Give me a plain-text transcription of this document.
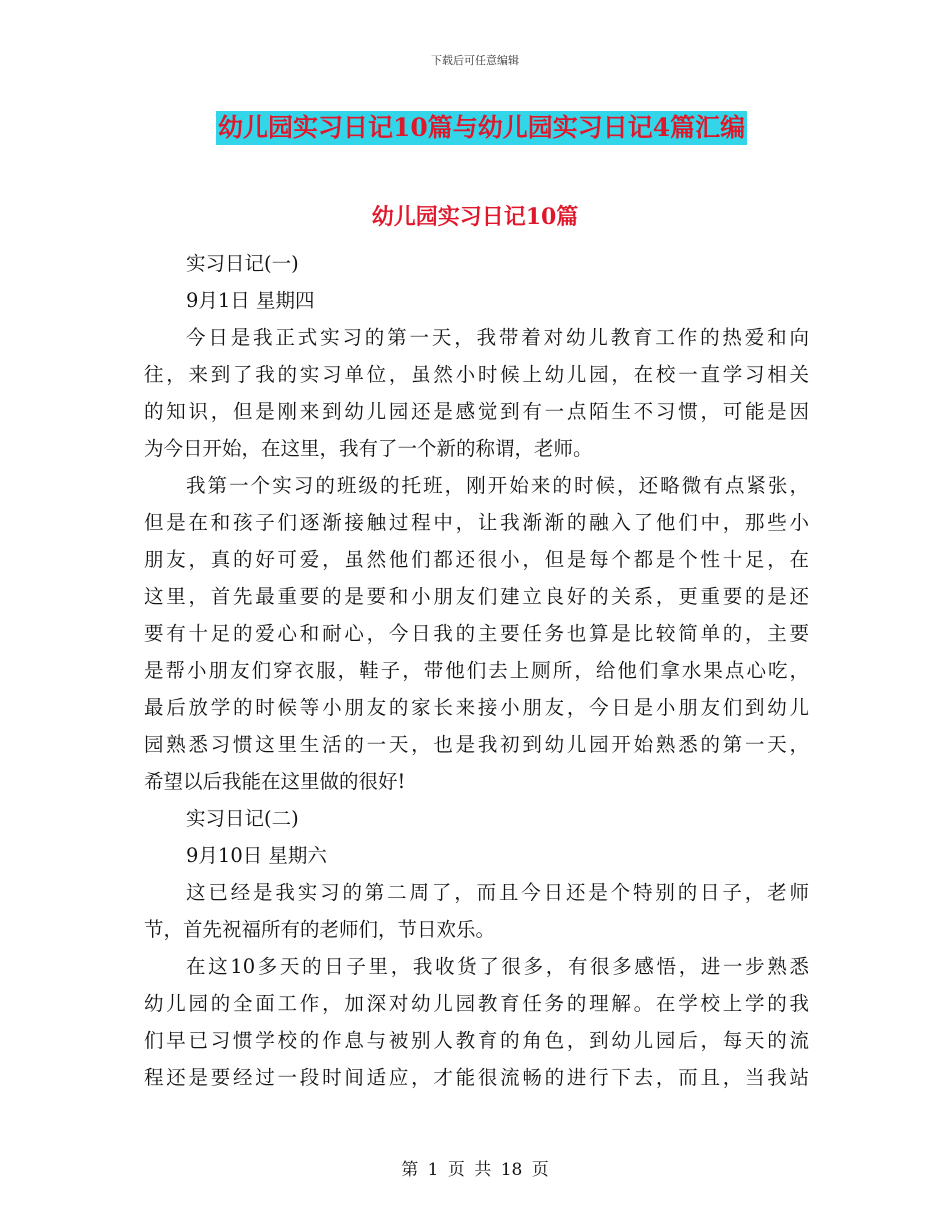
下载后可任意编辑
幼儿园实习日记10篇与幼儿园实习日记4篇汇编
幼儿园实习日记10篇
实习日记(一)
9月1日 星期四
今日是我正式实习的第一天，我带着对幼儿教育工作的热爱和向
往，来到了我的实习单位，虽然小时候上幼儿园，在校一直学习相关
的知识，但是刚来到幼儿园还是感觉到有一点陌生不习惯，可能是因
为今日开始，在这里，我有了一个新的称谓，老师。
我第一个实习的班级的托班，刚开始来的时候，还略微有点紧张，
但是在和孩子们逐渐接触过程中，让我渐渐的融入了他们中，那些小
朋友，真的好可爱，虽然他们都还很小，但是每个都是个性十足，在
这里，首先最重要的是要和小朋友们建立良好的关系，更重要的是还
要有十足的爱心和耐心，今日我的主要任务也算是比较简单的，主要
是帮小朋友们穿衣服，鞋子，带他们去上厕所，给他们拿水果点心吃，
最后放学的时候等小朋友的家长来接小朋友，今日是小朋友们到幼儿
园熟悉习惯这里生活的一天，也是我初到幼儿园开始熟悉的第一天，
希望以后我能在这里做的很好!
实习日记(二)
9月10日 星期六
这已经是我实习的第二周了，而且今日还是个特别的日子，老师
节，首先祝福所有的老师们，节日欢乐。
在这10多天的日子里，我收货了很多，有很多感悟，进一步熟悉
幼儿园的全面工作，加深对幼儿园教育任务的理解。在学校上学的我
们早已习惯学校的作息与被别人教育的角色，到幼儿园后，每天的流
程还是要经过一段时间适应，才能很流畅的进行下去，而且，当我站
第 1 页 共 18 页
